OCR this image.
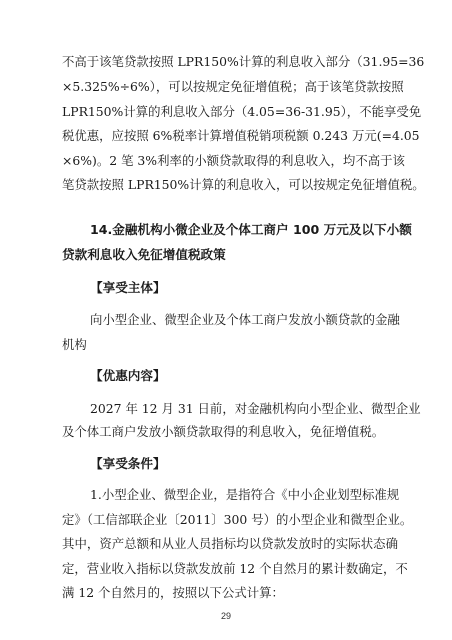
不高于该笔贷款按照 LPR150%计算的利息收入部分（31.95=36
×5.325%÷6%），可以按规定免征增值税；高于该笔贷款按照
LPR150%计算的利息收入部分（4.05=36-31.95），不能享受免
税优惠，应按照 6%税率计算增值税销项税额 0.243 万元(=4.05
×6%)。2 笔 3%利率的小额贷款取得的利息收入，均不高于该
笔贷款按照 LPR150%计算的利息收入，可以按规定免征增值税。
14.金融机构小微企业及个体工商户 100 万元及以下小额
贷款利息收入免征增值税政策
【享受主体】
向小型企业、微型企业及个体工商户发放小额贷款的金融
机构
【优惠内容】
2027 年 12 月 31 日前，对金融机构向小型企业、微型企业
及个体工商户发放小额贷款取得的利息收入，免征增值税。
【享受条件】
1.小型企业、微型企业，是指符合《中小企业划型标准规
定》（工信部联企业〔2011〕300 号）的小型企业和微型企业。
其中，资产总额和从业人员指标均以贷款发放时的实际状态确
定，营业收入指标以贷款发放前 12 个自然月的累计数确定，不
满 12 个自然月的，按照以下公式计算：
29
